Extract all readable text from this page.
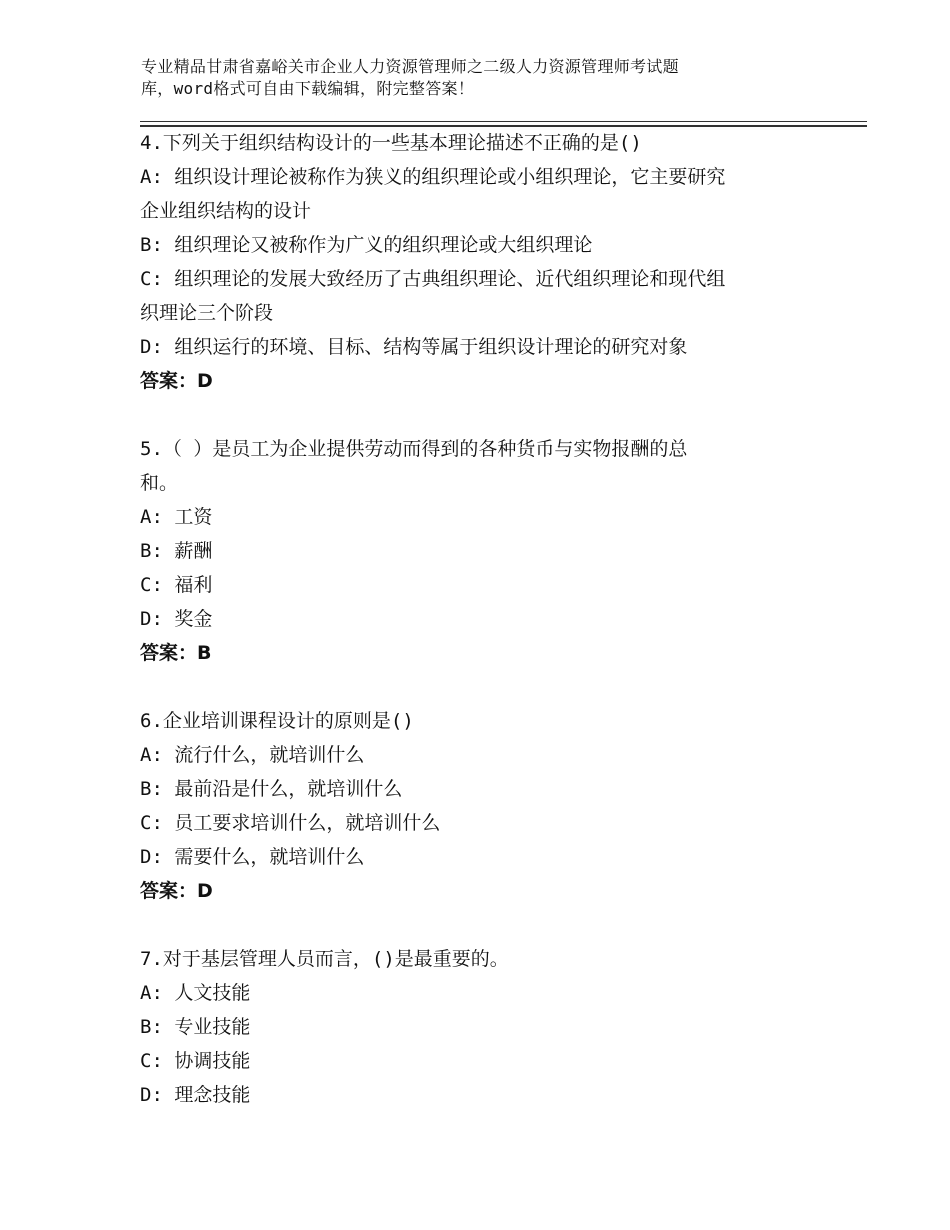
专业精品甘肃省嘉峪关市企业人力资源管理师之二级人力资源管理师考试题
库，word格式可自由下载编辑，附完整答案！
4.下列关于组织结构设计的一些基本理论描述不正确的是()
A: 组织设计理论被称作为狭义的组织理论或小组织理论，它主要研究
企业组织结构的设计
B: 组织理论又被称作为广义的组织理论或大组织理论
C: 组织理论的发展大致经历了古典组织理论、近代组织理论和现代组
织理论三个阶段
D: 组织运行的环境、目标、结构等属于组织设计理论的研究对象
答案：D
5.（ ）是员工为企业提供劳动而得到的各种货币与实物报酬的总
和。
A: 工资
B: 薪酬
C: 福利
D: 奖金
答案：B
6.企业培训课程设计的原则是()
A: 流行什么，就培训什么
B: 最前沿是什么，就培训什么
C: 员工要求培训什么，就培训什么
D: 需要什么，就培训什么
答案：D
7.对于基层管理人员而言，()是最重要的。
A: 人文技能
B: 专业技能
C: 协调技能
D: 理念技能
